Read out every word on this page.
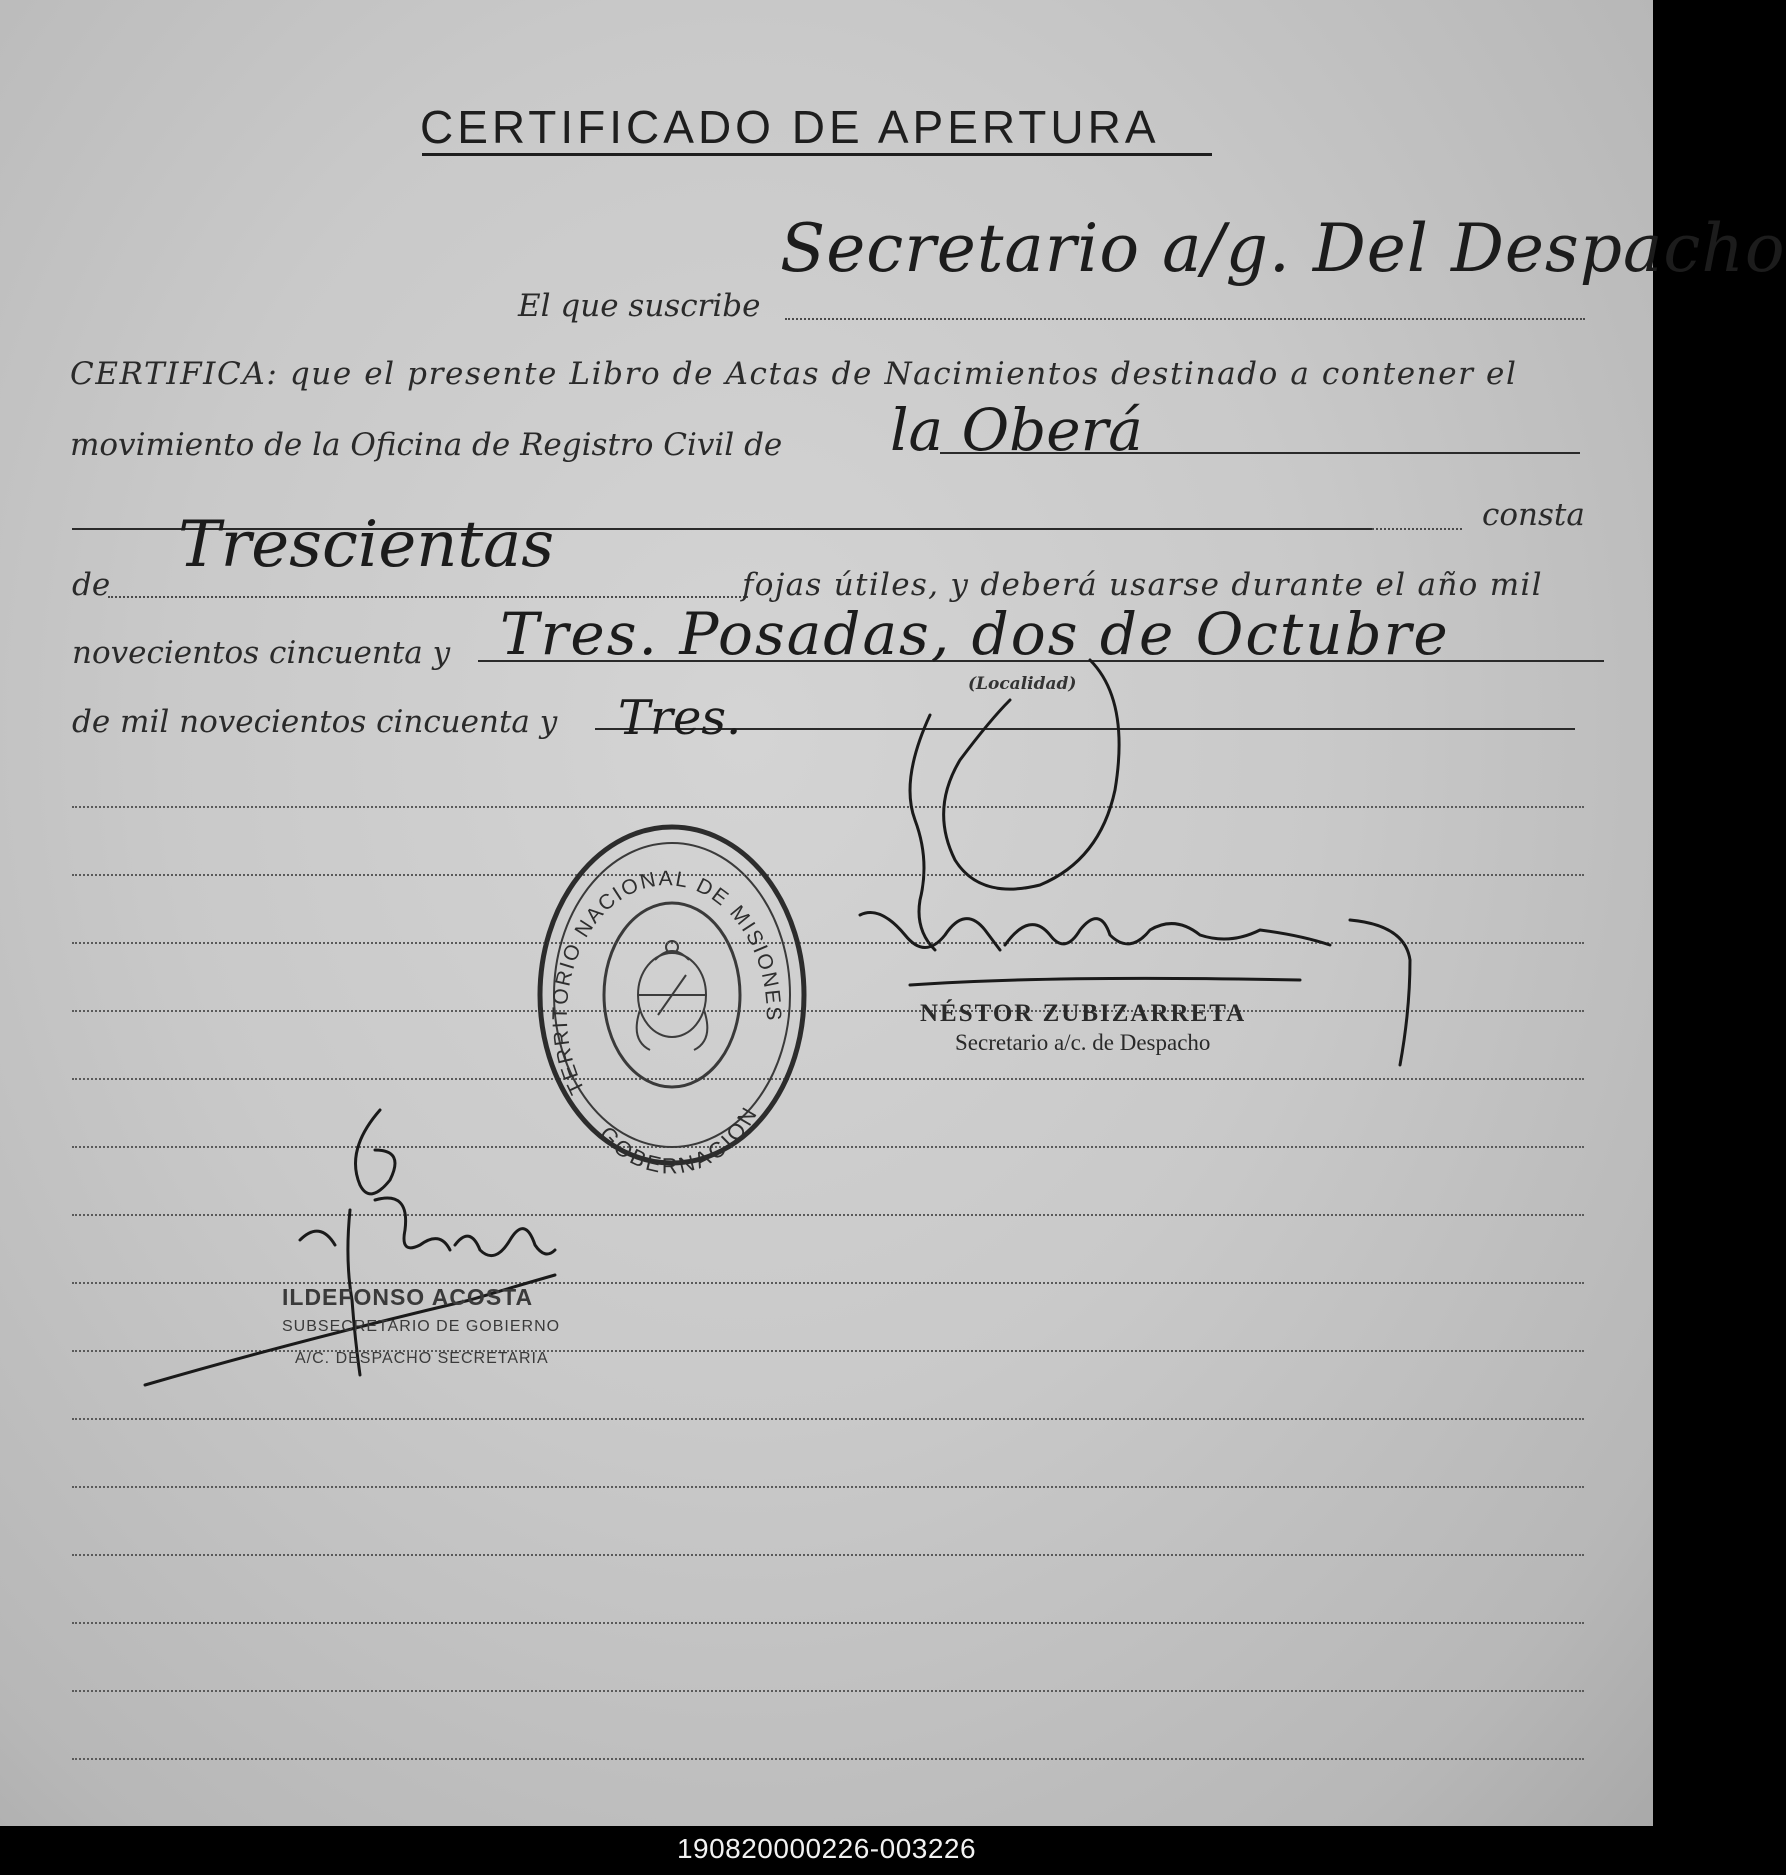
CERTIFICADO DE APERTURA
El que suscribe
Secretario a/g. Del Despacho
CERTIFICA: que el presente Libro de Actas de Nacimientos destinado a contener el
movimiento de la Oficina de Registro Civil de la Oberá
consta
de
Trescientas
fojas útiles, y deberá usarse durante el año mil
novecientos cincuenta y Tres. Posadas, dos de Octubre
(Localidad)
de mil novecientos cincuenta y Tres.
TERRITORIO NACIONAL DE MISIONES
GOBERNACION
NÉSTOR ZUBIZARRETA
Secretario a/c. de Despacho
ILDEFONSO ACOSTA
SUBSECRETARIO DE GOBIERNO
A/C. DESPACHO SECRETARIA
190820000226-003226
